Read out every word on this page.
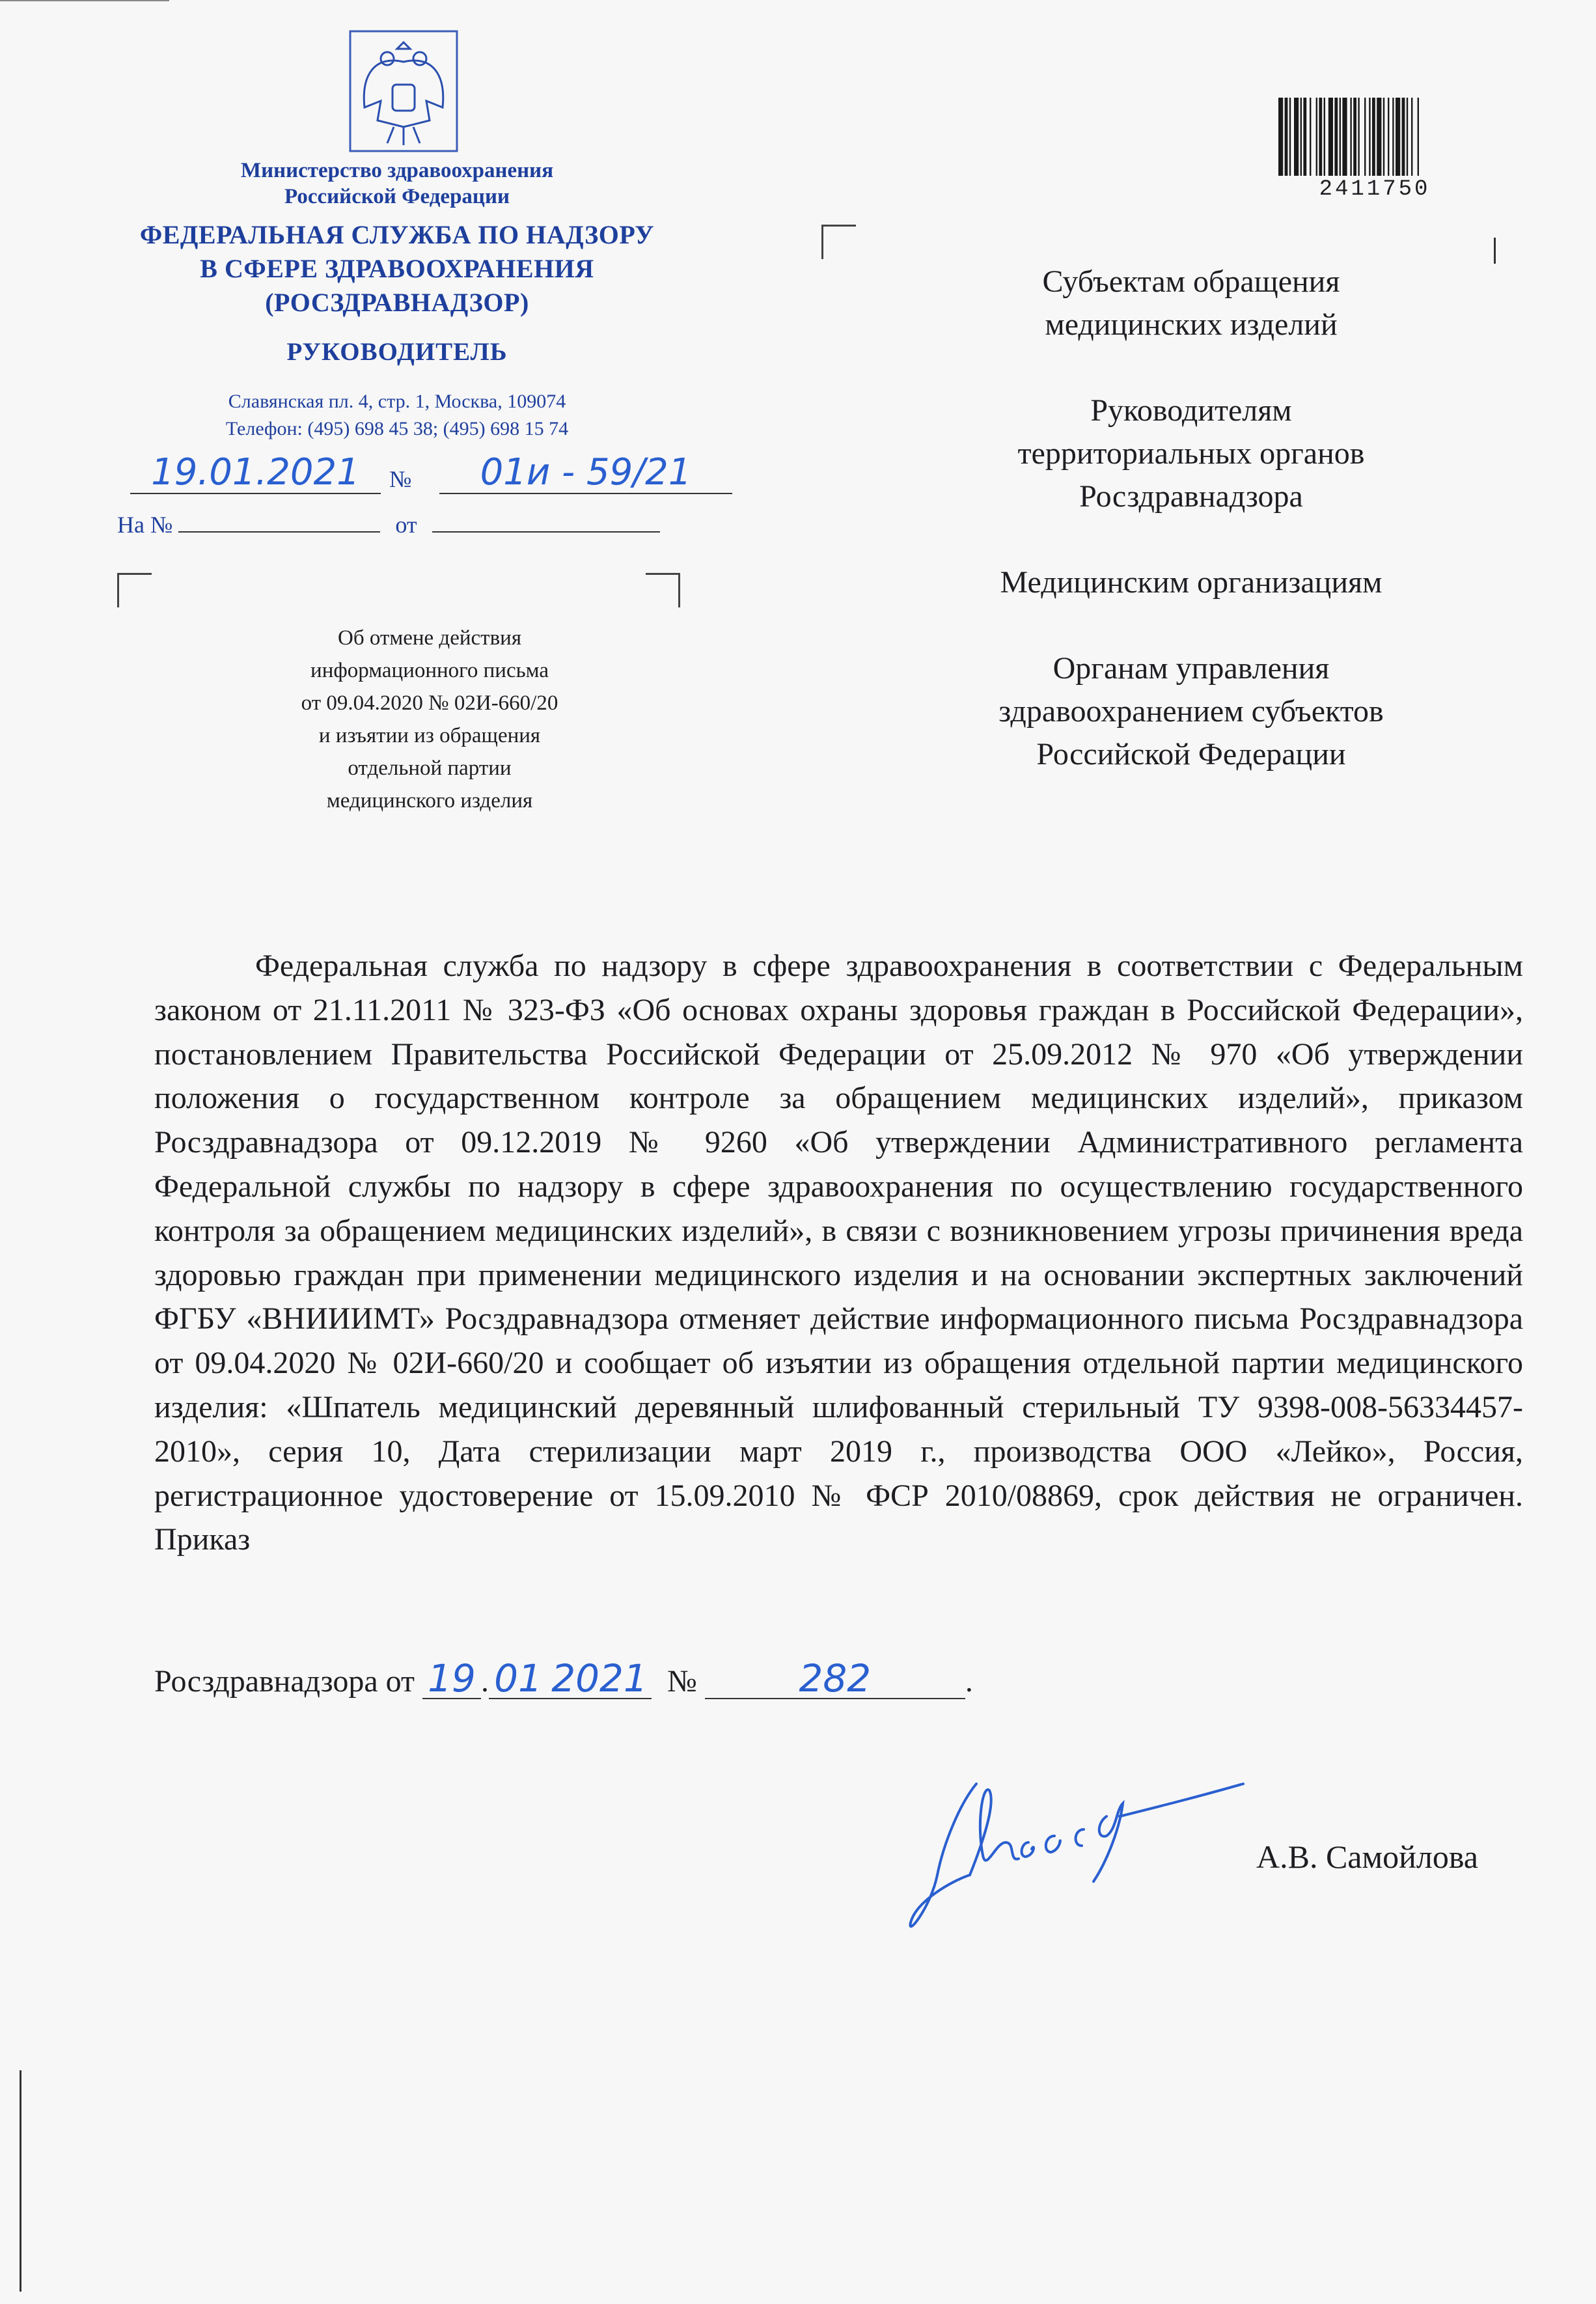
Министерство здравоохранения
Российской Федерации
ФЕДЕРАЛЬНАЯ СЛУЖБА ПО НАДЗОРУ
В СФЕРЕ ЗДРАВООХРАНЕНИЯ
(РОСЗДРАВНАДЗОР)
РУКОВОДИТЕЛЬ
Славянская пл. 4, стр. 1, Москва, 109074
Телефон: (495) 698 45 38; (495) 698 15 74
19.01.2021	№	01и - 59/21
На №	от
Об отмене действия
информационного письма
от 09.04.2020 № 02И-660/20
и изъятии из обращения
отдельной партии
медицинского изделия
2411750
Субъектам обращения
медицинских изделий
Руководителям
территориальных органов
Росздравнадзора
Медицинским организациям
Органам управления
здравоохранением субъектов
Российской Федерации

Федеральная служба по надзору в сфере здравоохранения в соответствии с Федеральным законом от 21.11.2011 № 323-ФЗ «Об основах охраны здоровья граждан в Российской Федерации», постановлением Правительства Российской Федерации от 25.09.2012 № 970 «Об утверждении положения о государственном контроле за обращением медицинских изделий», приказом Росздравнадзора от 09.12.2019 № 9260 «Об утверждении Административного регламента Федеральной службы по надзору в сфере здравоохранения по осуществлению государственного контроля за обращением медицинских изделий», в связи с возникновением угрозы причинения вреда здоровью граждан при применении медицинского изделия и на основании экспертных заключений ФГБУ «ВНИИИМТ» Росздравнадзора отменяет действие информационного письма Росздравнадзора от 09.04.2020 № 02И-660/20 и сообщает об изъятии из обращения отдельной партии медицинского изделия: «Шпатель медицинский деревянный шлифованный стерильный ТУ 9398-008-56334457-2010», серия 10, Дата стерилизации март 2019 г., производства ООО «Лейко», Россия, регистрационное удостоверение от 15.09.2010 № ФСР 2010/08869, срок действия не ограничен. Приказ

Росздравнадзора от 19 . 01 2021 №	282	.
А.В. Самойлова
